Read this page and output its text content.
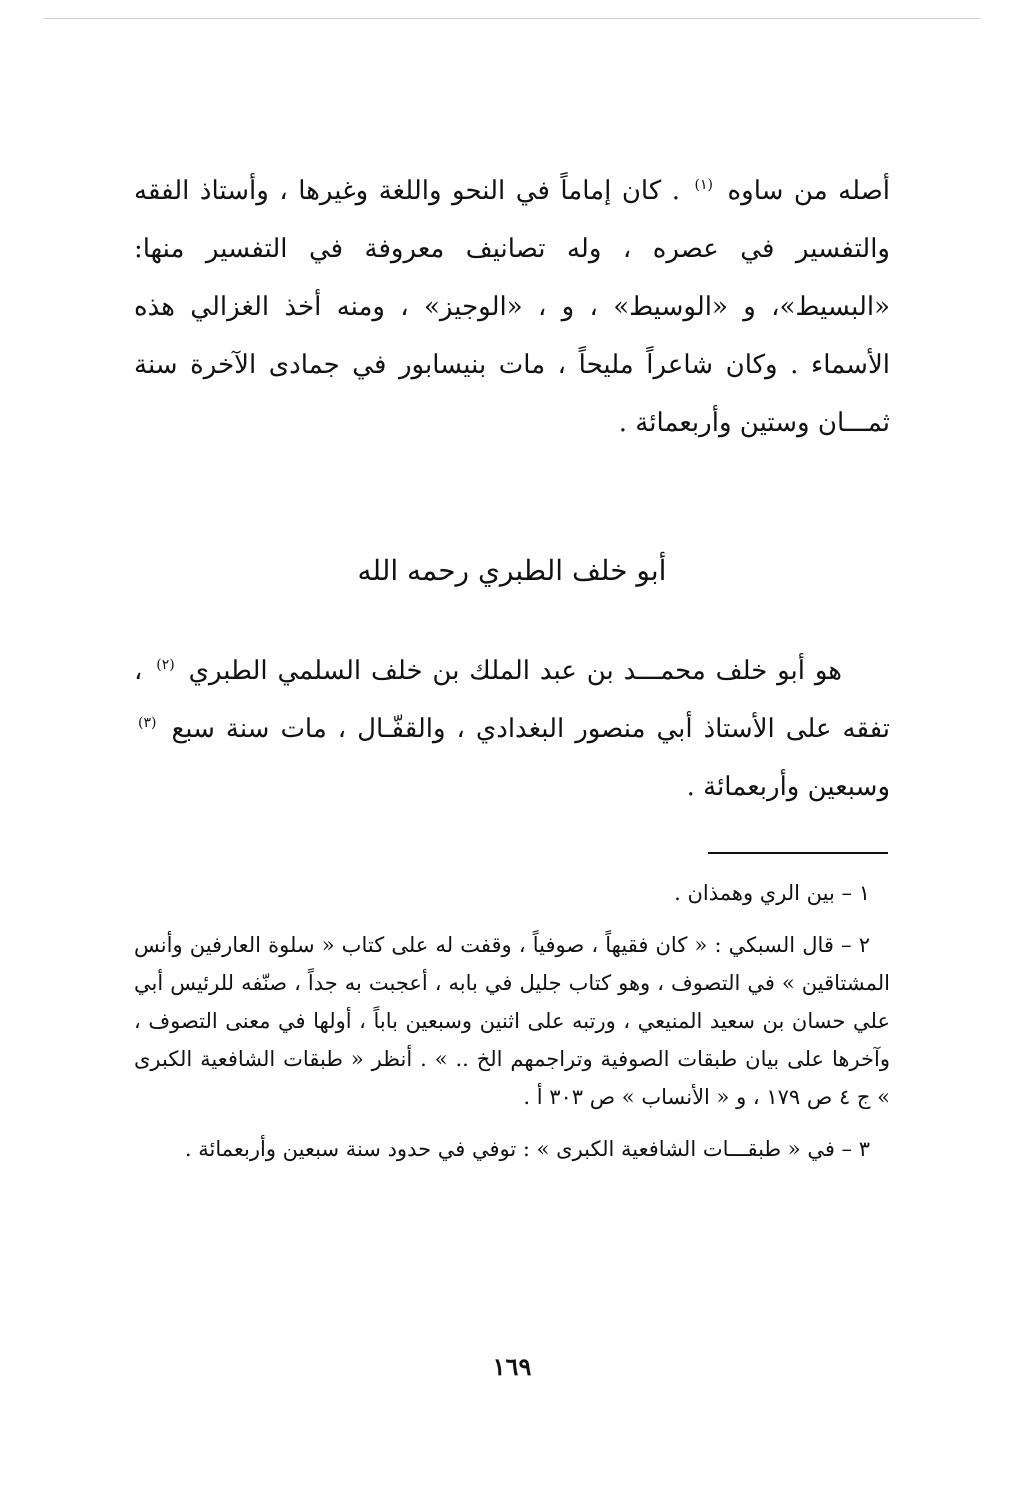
أصله من ساوه $^{(١)}$ . كان إماماً في النحو واللغة وغيرها ، وأستاذ الفقه والتفسير في عصره ، وله تصانيف معروفة في التفسير منها: «البسيط»، و «الوسيط» ، و ، «الوجيز» ، ومنه أخذ الغزالي هذه الأسماء . وكان شاعراً مليحاً ، مات بنيسابور في جمادى الآخرة سنة ثمـــان وستين وأربعمائة .
أبو خلف الطبري رحمه الله
هو أبو خلف محمـــد بن عبد الملك بن خلف السلمي الطبري $^{(٢)}$ ، تفقه على الأستاذ أبي منصور البغدادي ، والقفّـال ، مات سنة سبع $^{(٣)}$ وسبعين وأربعمائة .

١ – بين الري وهمذان .

٢ – قال السبكي : « كان فقيهاً ، صوفياً ، وقفت له على كتاب « سلوة العارفين وأنس المشتاقين » في التصوف ، وهو كتاب جليل في بابه ، أعجبت به جداً ، صنّفه للرئيس أبي علي حسان بن سعيد المنيعي ، ورتبه على اثنين وسبعين باباً ، أولها في معنى التصوف ، وآخرها على بيان طبقات الصوفية وتراجمهم الخ .. » . أنظر « طبقات الشافعية الكبرى » ج ٤ ص ١٧٩ ، و « الأنساب » ص ٣٠٣ أ .

٣ – في « طبقـــات الشافعية الكبرى » : توفي في حدود سنة سبعين وأربعمائة .

١٦٩
